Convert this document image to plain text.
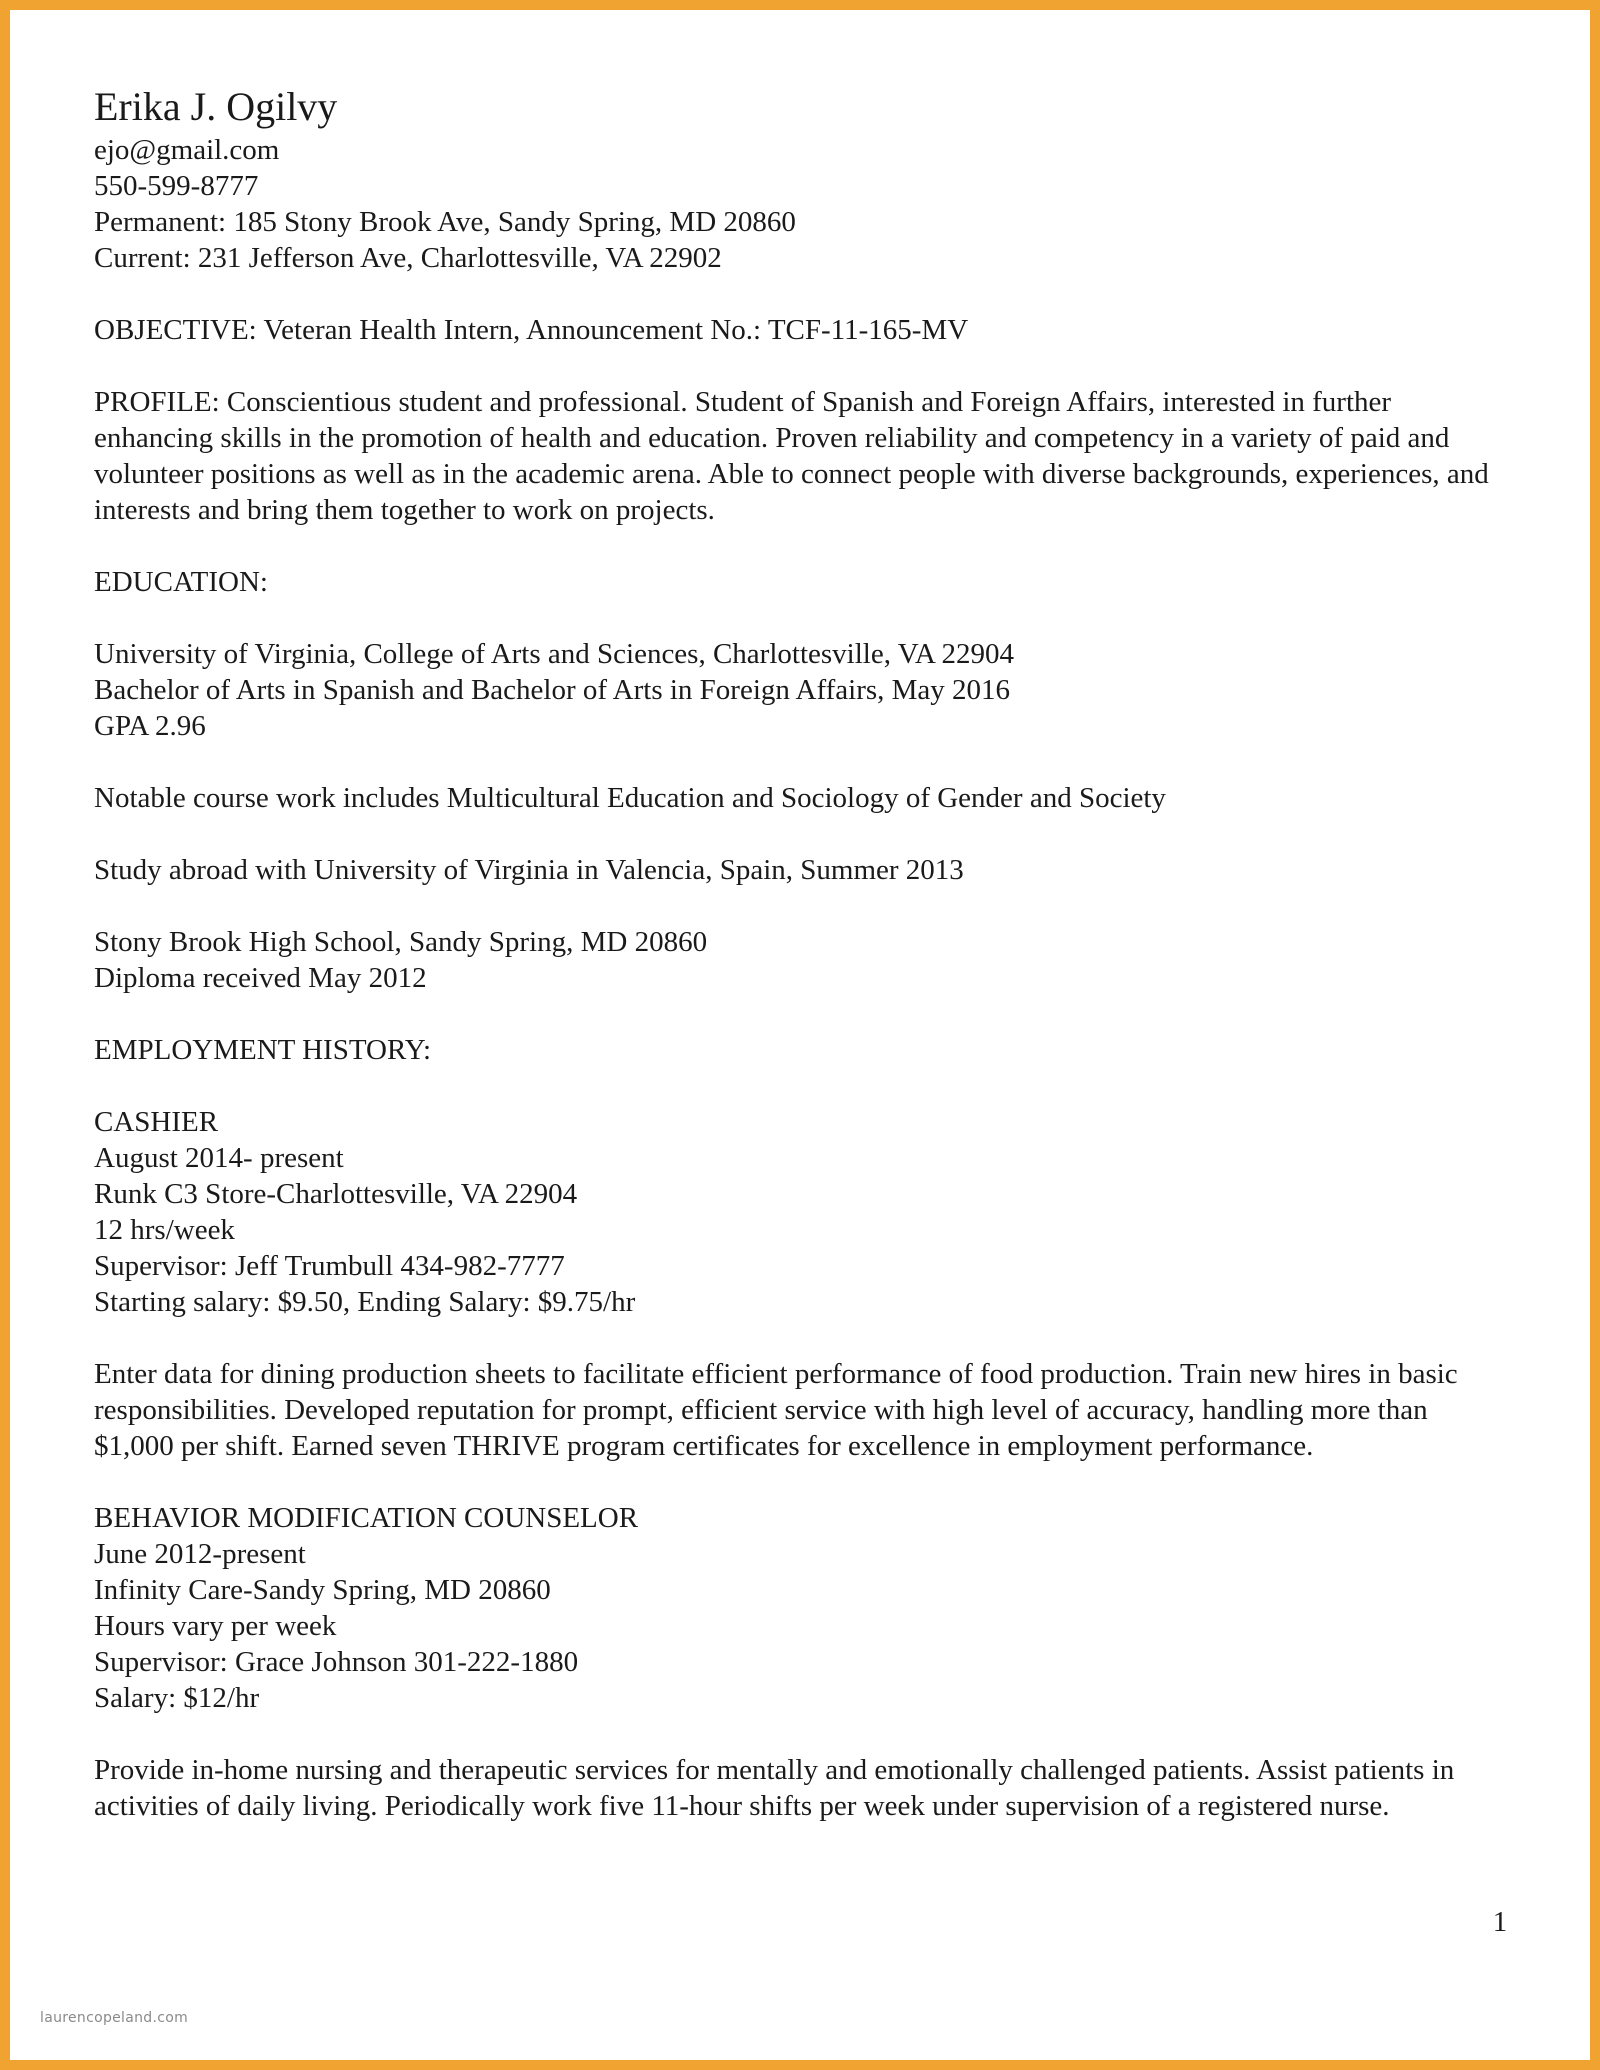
Erika J. Ogilvy

ejo@gmail.com

550-599-8777

Permanent: 185 Stony Brook Ave, Sandy Spring, MD 20860

Current: 231 Jefferson Ave, Charlottesville, VA 22902

OBJECTIVE: Veteran Health Intern, Announcement No.: TCF-11-165-MV

PROFILE: Conscientious student and professional. Student of Spanish and Foreign Affairs, interested in further enhancing skills in the promotion of health and education. Proven reliability and competency in a variety of paid and volunteer positions as well as in the academic arena. Able to connect people with diverse backgrounds, experiences, and interests and bring them together to work on projects.

EDUCATION:

University of Virginia, College of Arts and Sciences, Charlottesville, VA 22904

Bachelor of Arts in Spanish and Bachelor of Arts in Foreign Affairs, May 2016

GPA 2.96

Notable course work includes Multicultural Education and Sociology of Gender and Society

Study abroad with University of Virginia in Valencia, Spain, Summer 2013

Stony Brook High School, Sandy Spring, MD 20860

Diploma received May 2012

EMPLOYMENT HISTORY:

CASHIER

August 2014- present

Runk C3 Store-Charlottesville, VA 22904

12 hrs/week

Supervisor: Jeff Trumbull 434-982-7777

Starting salary: $9.50, Ending Salary: $9.75/hr

Enter data for dining production sheets to facilitate efficient performance of food production. Train new hires in basic responsibilities. Developed reputation for prompt, efficient service with high level of accuracy, handling more than $1,000 per shift. Earned seven THRIVE program certificates for excellence in employment performance.

BEHAVIOR MODIFICATION COUNSELOR

June 2012-present

Infinity Care-Sandy Spring, MD 20860

Hours vary per week

Supervisor: Grace Johnson 301-222-1880

Salary: $12/hr

Provide in-home nursing and therapeutic services for mentally and emotionally challenged patients. Assist patients in activities of daily living. Periodically work five 11-hour shifts per week under supervision of a registered nurse.

1
laurencopeland.com
